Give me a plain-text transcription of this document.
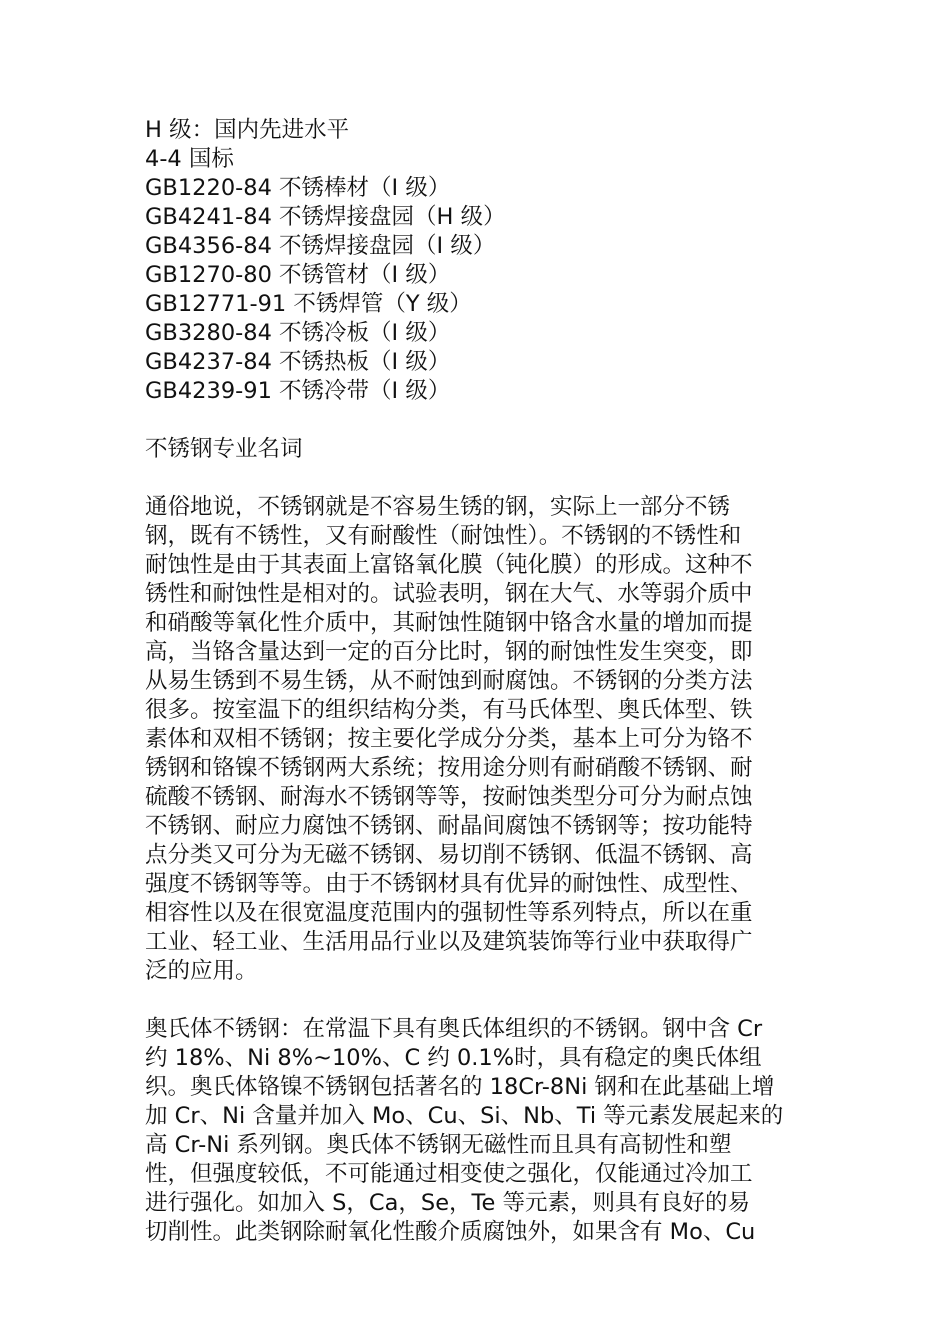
H 级：国内先进水平
4-4 国标
GB1220-84 不锈棒材（I 级）
GB4241-84 不锈焊接盘园（H 级）
GB4356-84 不锈焊接盘园（I 级）
GB1270-80 不锈管材（I 级）
GB12771-91 不锈焊管（Y 级）
GB3280-84 不锈冷板（I 级）
GB4237-84 不锈热板（I 级）
GB4239-91 不锈冷带（I 级）
不锈钢专业名词
通俗地说，不锈钢就是不容易生锈的钢，实际上一部分不锈
钢，既有不锈性，又有耐酸性（耐蚀性）。不锈钢的不锈性和
耐蚀性是由于其表面上富铬氧化膜（钝化膜）的形成。这种不
锈性和耐蚀性是相对的。试验表明，钢在大气、水等弱介质中
和硝酸等氧化性介质中，其耐蚀性随钢中铬含水量的增加而提
高，当铬含量达到一定的百分比时，钢的耐蚀性发生突变，即
从易生锈到不易生锈，从不耐蚀到耐腐蚀。不锈钢的分类方法
很多。按室温下的组织结构分类，有马氏体型、奥氏体型、铁
素体和双相不锈钢；按主要化学成分分类，基本上可分为铬不
锈钢和铬镍不锈钢两大系统；按用途分则有耐硝酸不锈钢、耐
硫酸不锈钢、耐海水不锈钢等等，按耐蚀类型分可分为耐点蚀
不锈钢、耐应力腐蚀不锈钢、耐晶间腐蚀不锈钢等；按功能特
点分类又可分为无磁不锈钢、易切削不锈钢、低温不锈钢、高
强度不锈钢等等。由于不锈钢材具有优异的耐蚀性、成型性、
相容性以及在很宽温度范围内的强韧性等系列特点，所以在重
工业、轻工业、生活用品行业以及建筑装饰等行业中获取得广
泛的应用。
奥氏体不锈钢：在常温下具有奥氏体组织的不锈钢。钢中含 Cr
约 18%、Ni 8%~10%、C 约 0.1%时，具有稳定的奥氏体组
织。奥氏体铬镍不锈钢包括著名的 18Cr-8Ni 钢和在此基础上增
加 Cr、Ni 含量并加入 Mo、Cu、Si、Nb、Ti 等元素发展起来的
高 Cr-Ni 系列钢。奥氏体不锈钢无磁性而且具有高韧性和塑
性，但强度较低，不可能通过相变使之强化，仅能通过冷加工
进行强化。如加入 S，Ca，Se，Te 等元素，则具有良好的易
切削性。此类钢除耐氧化性酸介质腐蚀外，如果含有 Mo、Cu
